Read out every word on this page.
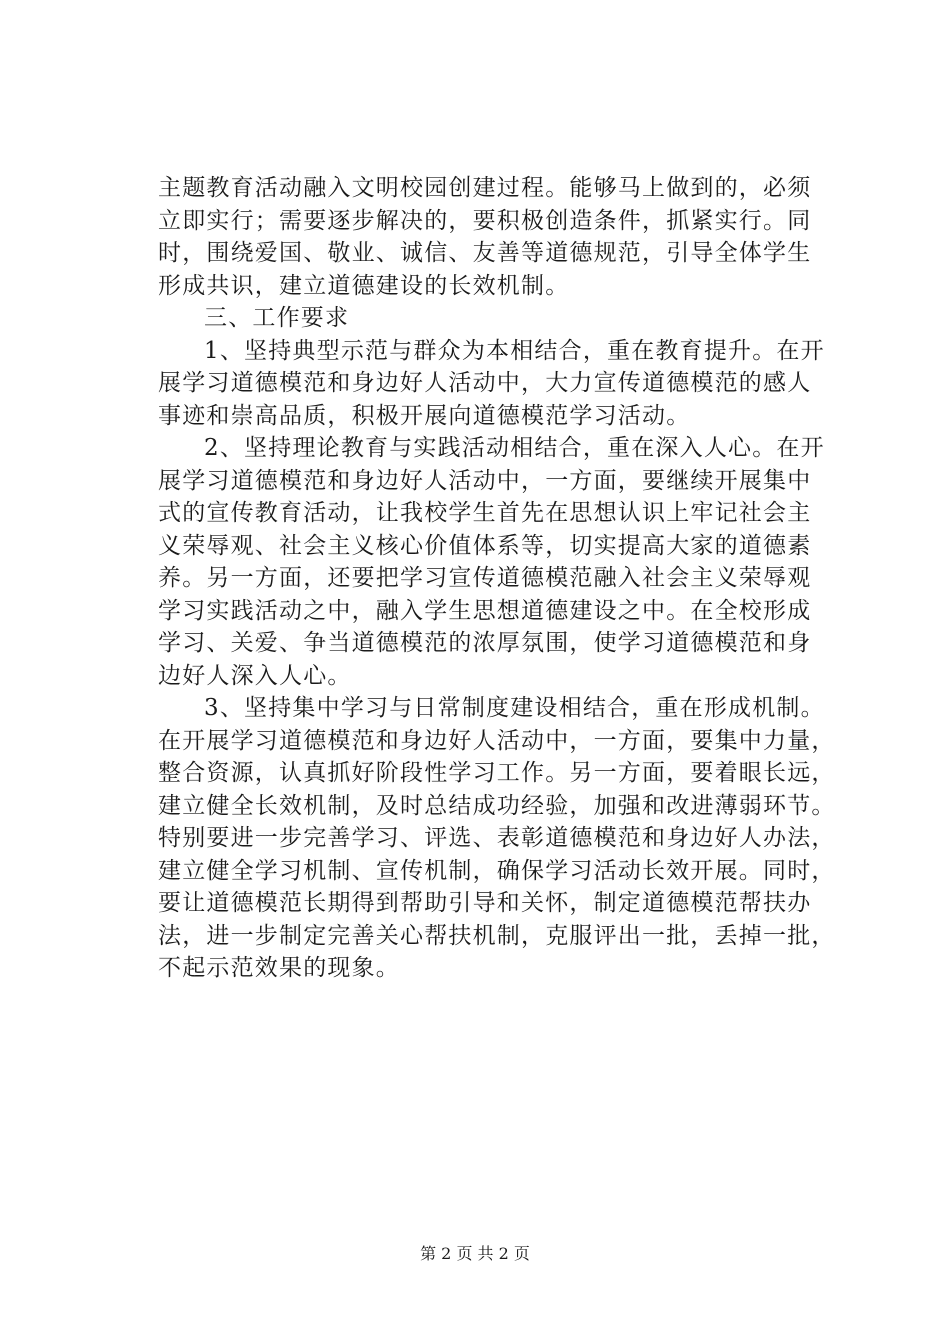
主题教育活动融入文明校园创建过程。能够马上做到的，必须
立即实行；需要逐步解决的，要积极创造条件，抓紧实行。同
时，围绕爱国、敬业、诚信、友善等道德规范，引导全体学生
形成共识，建立道德建设的长效机制。
三、工作要求
1、坚持典型示范与群众为本相结合，重在教育提升。在开
展学习道德模范和身边好人活动中，大力宣传道德模范的感人
事迹和崇高品质，积极开展向道德模范学习活动。
2、坚持理论教育与实践活动相结合，重在深入人心。在开
展学习道德模范和身边好人活动中，一方面，要继续开展集中
式的宣传教育活动，让我校学生首先在思想认识上牢记社会主
义荣辱观、社会主义核心价值体系等，切实提高大家的道德素
养。另一方面，还要把学习宣传道德模范融入社会主义荣辱观
学习实践活动之中，融入学生思想道德建设之中。在全校形成
学习、关爱、争当道德模范的浓厚氛围，使学习道德模范和身
边好人深入人心。
3、坚持集中学习与日常制度建设相结合，重在形成机制。
在开展学习道德模范和身边好人活动中，一方面，要集中力量，
整合资源，认真抓好阶段性学习工作。另一方面，要着眼长远，
建立健全长效机制，及时总结成功经验，加强和改进薄弱环节。
特别要进一步完善学习、评选、表彰道德模范和身边好人办法，
建立健全学习机制、宣传机制，确保学习活动长效开展。同时，
要让道德模范长期得到帮助引导和关怀，制定道德模范帮扶办
法，进一步制定完善关心帮扶机制，克服评出一批，丢掉一批，
不起示范效果的现象。
第 2 页 共 2 页
